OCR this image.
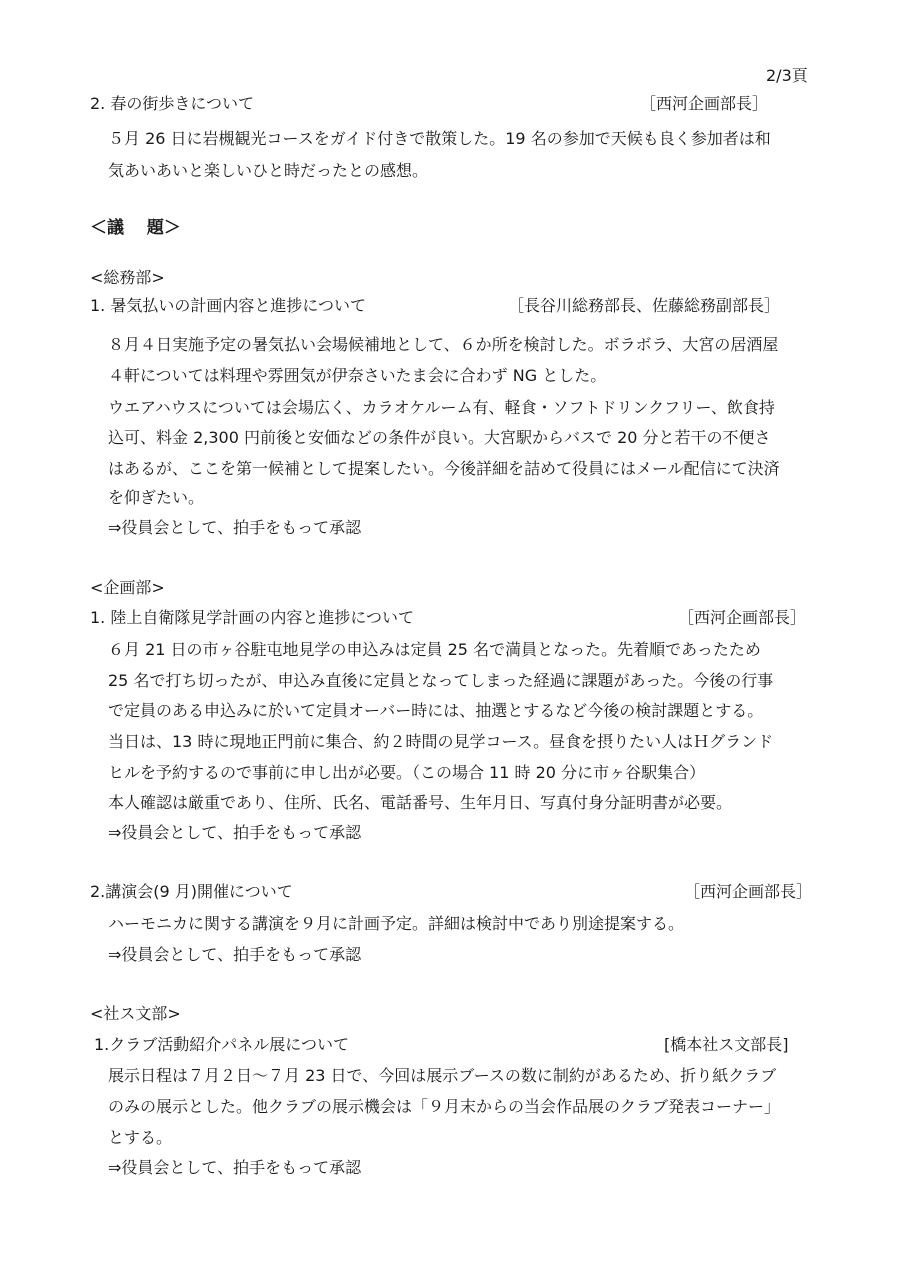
2/3頁
2. 春の街歩きについて	［西河企画部長］
５月 26 日に岩槻観光コースをガイド付きで散策した。19 名の参加で天候も良く参加者は和
気あいあいと楽しいひと時だったとの感想。
＜議　 題＞
<総務部>
1. 暑気払いの計画内容と進捗について	［長谷川総務部長、佐藤総務副部長］
８月４日実施予定の暑気払い会場候補地として、６か所を検討した。ボラボラ、大宮の居酒屋
４軒については料理や雰囲気が伊奈さいたま会に合わず NG とした。
ウエアハウスについては会場広く、カラオケルーム有、軽食・ソフトドリンクフリー、飲食持
込可、料金 2,300 円前後と安価などの条件が良い。大宮駅からバスで 20 分と若干の不便さ
はあるが、ここを第一候補として提案したい。今後詳細を詰めて役員にはメール配信にて決済
を仰ぎたい。
⇒役員会として、拍手をもって承認
<企画部>
1. 陸上自衛隊見学計画の内容と進捗について	［西河企画部長］
６月 21 日の市ヶ谷駐屯地見学の申込みは定員 25 名で満員となった。先着順であったため
25 名で打ち切ったが、申込み直後に定員となってしまった経過に課題があった。今後の行事
で定員のある申込みに於いて定員オーバー時には、抽選とするなど今後の検討課題とする。
当日は、13 時に現地正門前に集合、約２時間の見学コース。昼食を摂りたい人はＨグランド
ヒルを予約するので事前に申し出が必要。（この場合 11 時 20 分に市ヶ谷駅集合）
本人確認は厳重であり、住所、氏名、電話番号、生年月日、写真付身分証明書が必要。
⇒役員会として、拍手をもって承認
2.講演会(9 月)開催について	［西河企画部長］
ハーモニカに関する講演を９月に計画予定。詳細は検討中であり別途提案する。
⇒役員会として、拍手をもって承認
<社ス文部>
1.クラブ活動紹介パネル展について	[橋本社ス文部長]
展示日程は７月２日〜７月 23 日で、今回は展示ブースの数に制約があるため、折り紙クラブ
のみの展示とした。他クラブの展示機会は「９月末からの当会作品展のクラブ発表コーナー」
とする。
⇒役員会として、拍手をもって承認
